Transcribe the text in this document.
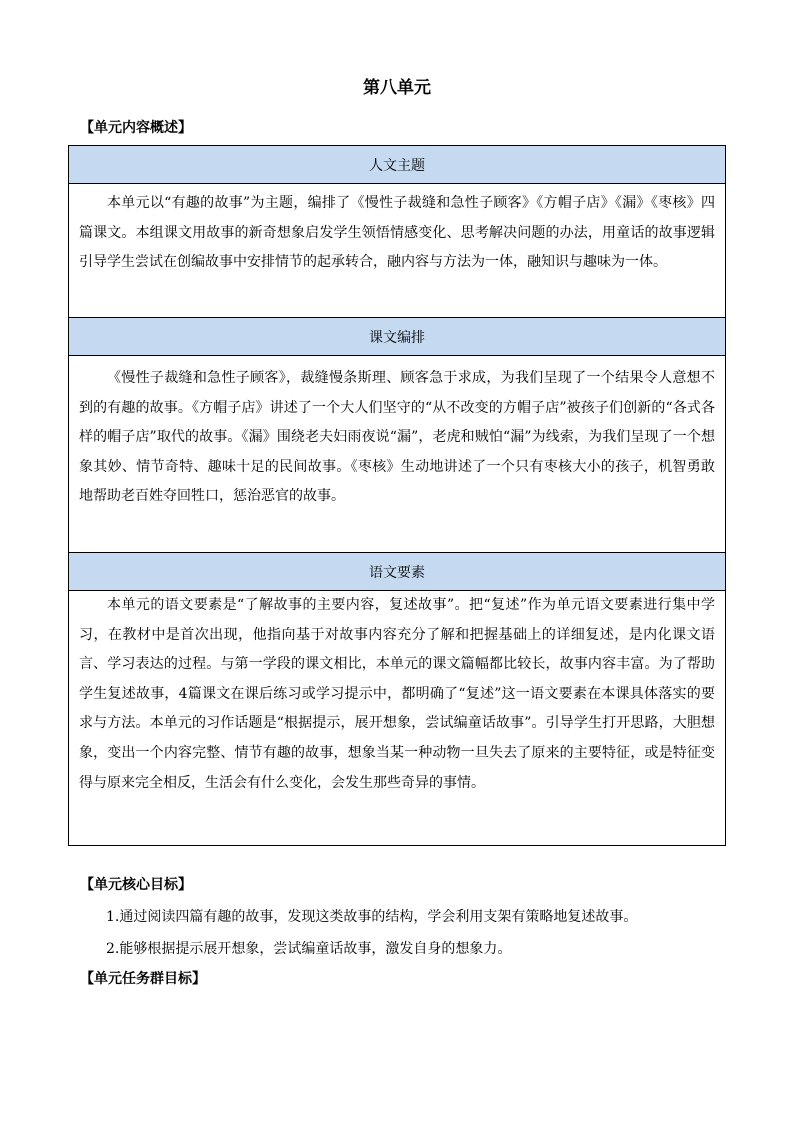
第八单元
【单元内容概述】
人文主题
本单元以“有趣的故事”为主题，编排了《慢性子裁缝和急性子顾客》《方帽子店》《漏》《枣核》四篇课文。本组课文用故事的新奇想象启发学生领悟情感变化、思考解决问题的办法，用童话的故事逻辑引导学生尝试在创编故事中安排情节的起承转合，融内容与方法为一体，融知识与趣味为一体。
课文编排
《慢性子裁缝和急性子顾客》，裁缝慢条斯理、顾客急于求成，为我们呈现了一个结果令人意想不到的有趣的故事。《方帽子店》讲述了一个大人们坚守的“从不改变的方帽子店”被孩子们创新的“各式各样的帽子店”取代的故事。《漏》围绕老夫妇雨夜说“漏”，老虎和贼怕“漏”为线索，为我们呈现了一个想象其妙、情节奇特、趣味十足的民间故事。《枣核》生动地讲述了一个只有枣核大小的孩子，机智勇敢地帮助老百姓夺回牲口，惩治恶官的故事。
语文要素
本单元的语文要素是“了解故事的主要内容，复述故事”。把“复述”作为单元语文要素进行集中学习，在教材中是首次出现，他指向基于对故事内容充分了解和把握基础上的详细复述，是内化课文语言、学习表达的过程。与第一学段的课文相比，本单元的课文篇幅都比较长，故事内容丰富。为了帮助学生复述故事，4篇课文在课后练习或学习提示中，都明确了“复述”这一语文要素在本课具体落实的要求与方法。本单元的习作话题是“根据提示，展开想象，尝试编童话故事”。引导学生打开思路，大胆想象，变出一个内容完整、情节有趣的故事，想象当某一种动物一旦失去了原来的主要特征，或是特征变得与原来完全相反，生活会有什么变化，会发生那些奇异的事情。
【单元核心目标】
1.通过阅读四篇有趣的故事，发现这类故事的结构，学会利用支架有策略地复述故事。
2.能够根据提示展开想象，尝试编童话故事，激发自身的想象力。
【单元任务群目标】
